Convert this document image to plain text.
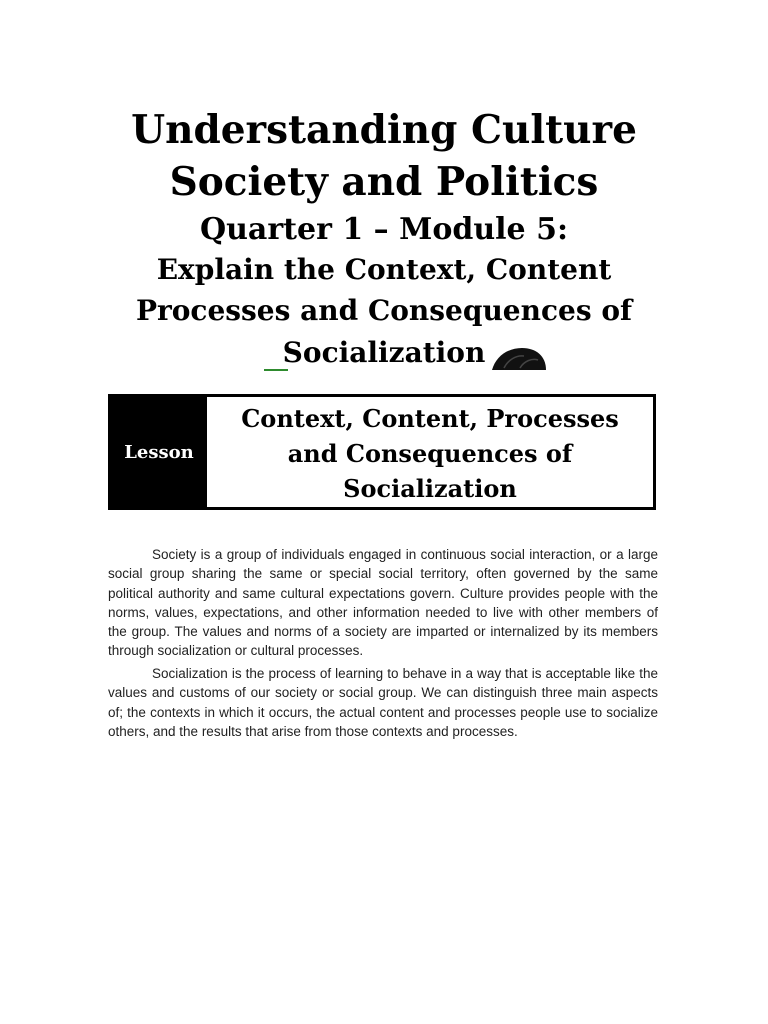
Understanding Culture
Society and Politics
Quarter 1 – Module 5:
Explain the Context, Content
Processes and Consequences of
Socialization
Lesson
Context, Content, Processes
and Consequences of
Socialization

Society is a group of individuals engaged in continuous social interaction, or a large social group sharing the same or special social territory, often governed by the same political authority and same cultural expectations govern. Culture provides people with the norms, values, expectations, and other information needed to live with other members of the group. The values and norms of a society are imparted or internalized by its members through socialization or cultural processes.

Socialization is the process of learning to behave in a way that is acceptable like the values and customs of our society or social group. We can distinguish three main aspects of; the contexts in which it occurs, the actual content and processes people use to socialize others, and the results that arise from those contexts and processes.
